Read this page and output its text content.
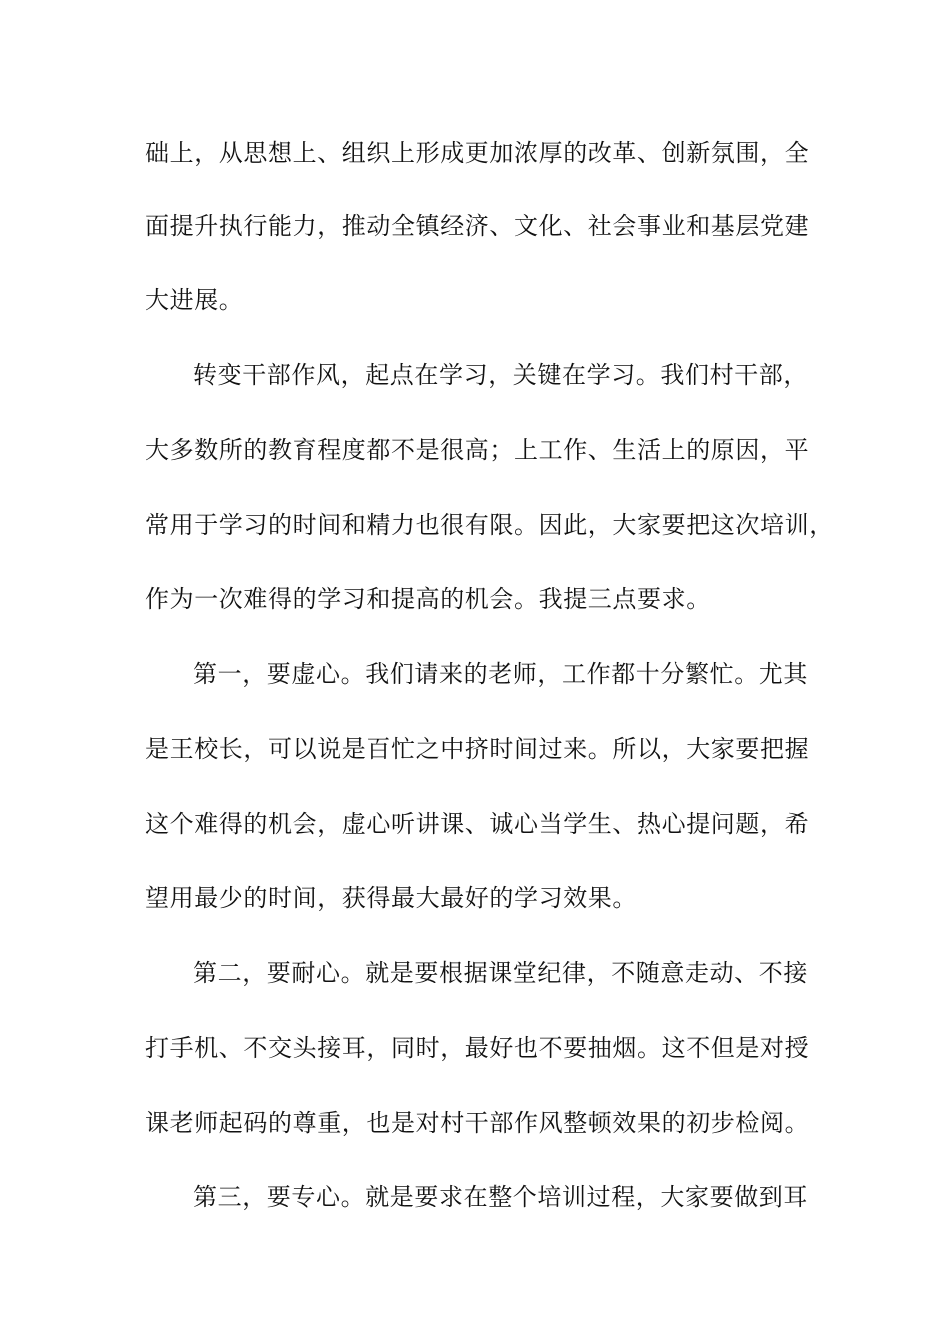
础上，从思想上、组织上形成更加浓厚的改革、创新氛围，全
面提升执行能力，推动全镇经济、文化、社会事业和基层党建
大进展。
转变干部作风，起点在学习，关键在学习。我们村干部，
大多数所的教育程度都不是很高；上工作、生活上的原因，平
常用于学习的时间和精力也很有限。因此，大家要把这次培训，
作为一次难得的学习和提高的机会。我提三点要求。
第一，要虚心。我们请来的老师，工作都十分繁忙。尤其
是王校长，可以说是百忙之中挤时间过来。所以，大家要把握
这个难得的机会，虚心听讲课、诚心当学生、热心提问题，希
望用最少的时间，获得最大最好的学习效果。
第二，要耐心。就是要根据课堂纪律，不随意走动、不接
打手机、不交头接耳，同时，最好也不要抽烟。这不但是对授
课老师起码的尊重，也是对村干部作风整顿效果的初步检阅。
第三，要专心。就是要求在整个培训过程，大家要做到耳
